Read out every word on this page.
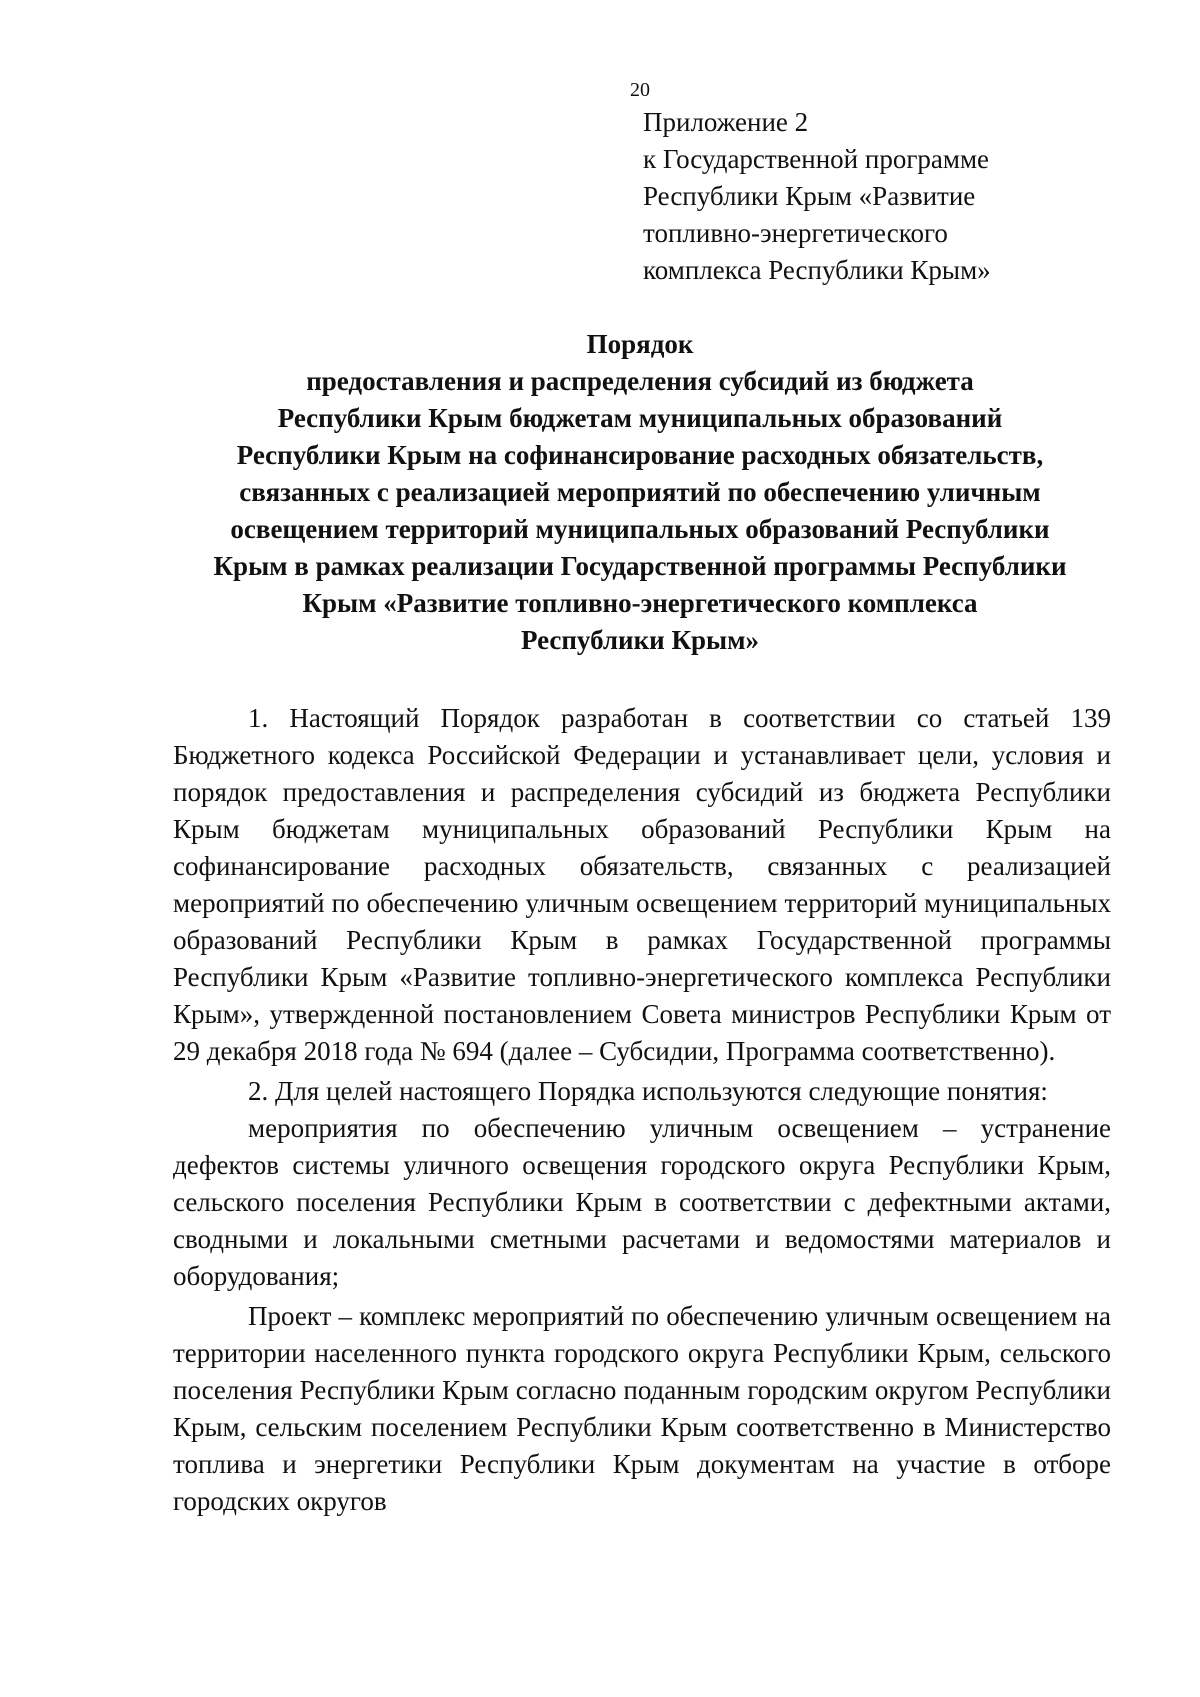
20
Приложение 2
к Государственной программе
Республики Крым «Развитие
топливно-энергетического
комплекса Республики Крым»
Порядок
предоставления и распределения субсидий из бюджета
Республики Крым бюджетам муниципальных образований
Республики Крым на софинансирование расходных обязательств,
связанных с реализацией мероприятий по обеспечению уличным
освещением территорий муниципальных образований Республики
Крым в рамках реализации Государственной программы Республики
Крым «Развитие топливно-энергетического комплекса
Республики Крым»

1. Настоящий Порядок разработан в соответствии со статьей 139 Бюджетного кодекса Российской Федерации и устанавливает цели, условия и порядок предоставления и распределения субсидий из бюджета Республики Крым бюджетам муниципальных образований Республики Крым на софинансирование расходных обязательств, связанных с реализацией мероприятий по обеспечению уличным освещением территорий муниципальных образований Республики Крым в рамках Государственной программы Республики Крым «Развитие топливно-энергетического комплекса Республики Крым», утвержденной постановлением Совета министров Республики Крым от 29 декабря 2018 года № 694 (далее – Субсидии, Программа соответственно).

2. Для целей настоящего Порядка используются следующие понятия:

мероприятия по обеспечению уличным освещением – устранение дефектов системы уличного освещения городского округа Республики Крым, сельского поселения Республики Крым в соответствии с дефектными актами, сводными и локальными сметными расчетами и ведомостями материалов и оборудования;

Проект – комплекс мероприятий по обеспечению уличным освещением на территории населенного пункта городского округа Республики Крым, сельского поселения Республики Крым согласно поданным городским округом Республики Крым, сельским поселением Республики Крым соответственно в Министерство топлива и энергетики Республики Крым документам на участие в отборе городских округов
